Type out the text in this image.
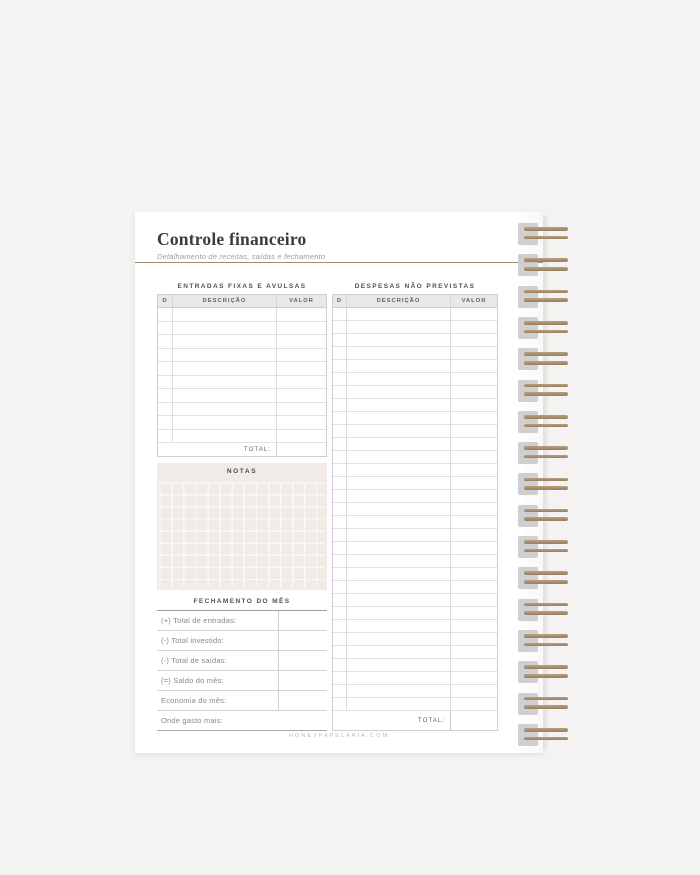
Controle financeiro
Detalhamento de receitas, saídas e fechamento
ENTRADAS FIXAS E AVULSAS	DESPESAS NÃO PREVISTAS
D	DESCRIÇÃO	VALOR
TOTAL:
D	DESCRIÇÃO	VALOR
TOTAL:
NOTAS
FECHAMENTO DO MÊS
(+) Total de entradas:
(-) Total investido:
(-) Total de saídas:
(=) Saldo do mês:
Economia do mês:
Onde gasto mais:
HONEYPAPELARIA.COM
